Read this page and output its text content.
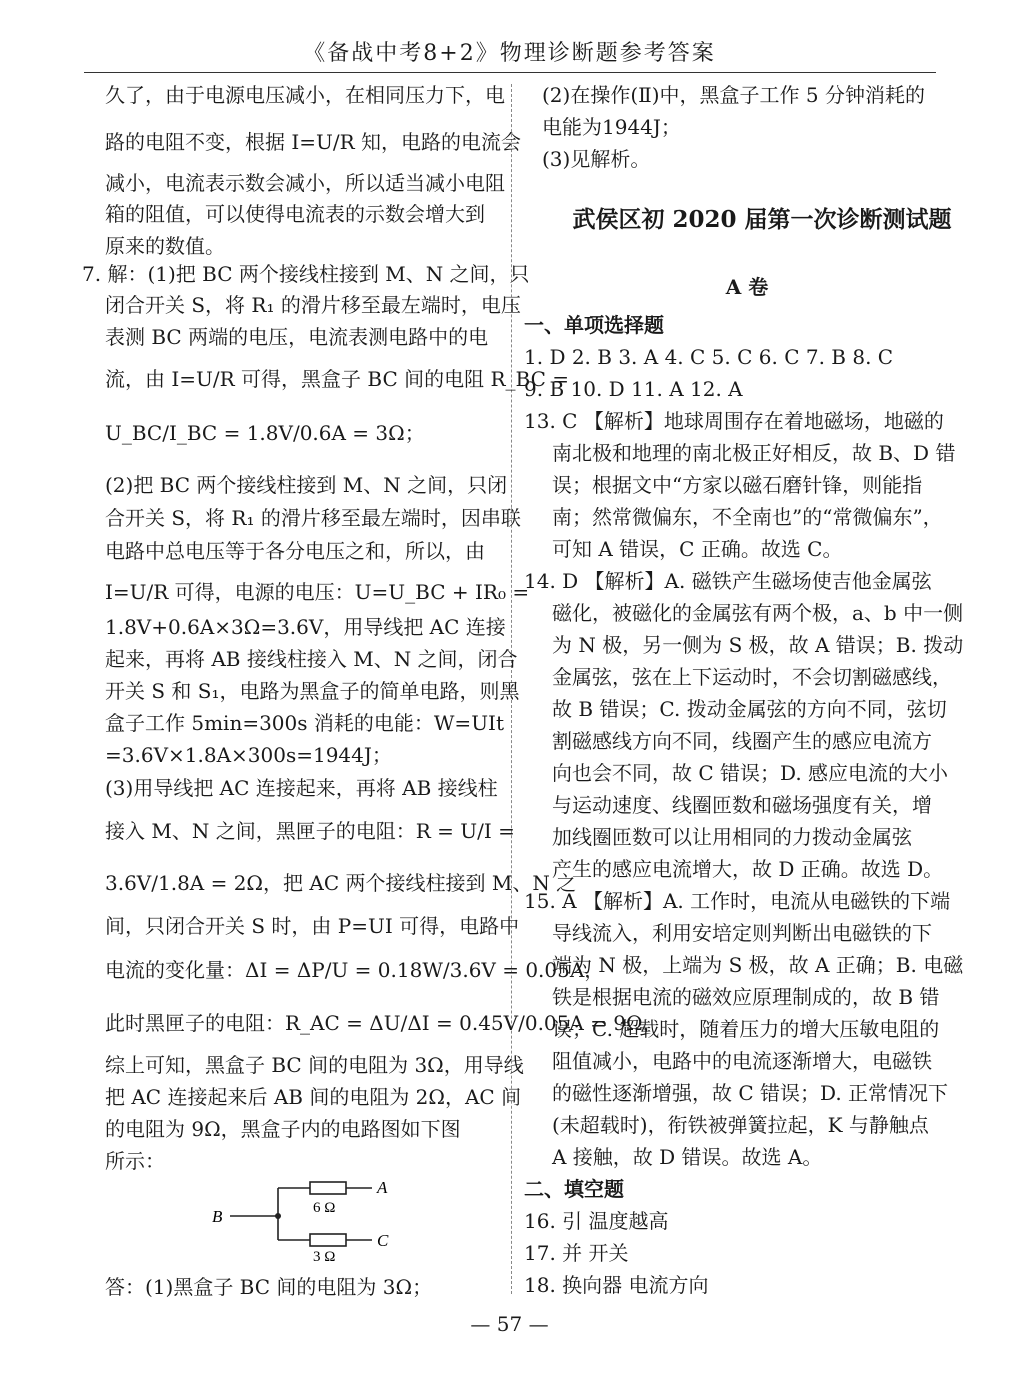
《备战中考8+2》物理诊断题参考答案
久了，由于电源电压减小，在相同压力下，电
路的电阻不变，根据 I=U/R 知，电路的电流会
减小，电流表示数会减小，所以适当减小电阻
箱的阻值，可以使得电流表的示数会增大到
原来的数值。
7. 解：(1)把 BC 两个接线柱接到 M、N 之间，只
闭合开关 S，将 R₁ 的滑片移至最左端时，电压
表测 BC 两端的电压，电流表测电路中的电
流，由 I=U/R 可得，黑盒子 BC 间的电阻 R_BC =
U_BC/I_BC = 1.8V/0.6A = 3Ω；
(2)把 BC 两个接线柱接到 M、N 之间，只闭
合开关 S，将 R₁ 的滑片移至最左端时，因串联
电路中总电压等于各分电压之和，所以，由
I=U/R 可得，电源的电压：U=U_BC + IR₀ =
1.8V+0.6A×3Ω=3.6V，用导线把 AC 连接
起来，再将 AB 接线柱接入 M、N 之间，闭合
开关 S 和 S₁，电路为黑盒子的简单电路，则黑
盒子工作 5min=300s 消耗的电能：W=UIt
=3.6V×1.8A×300s=1944J；
(3)用导线把 AC 连接起来，再将 AB 接线柱
接入 M、N 之间，黑匣子的电阻：R = U/I =
3.6V/1.8A = 2Ω，把 AC 两个接线柱接到 M、N 之
间，只闭合开关 S 时，由 P=UI 可得，电路中
电流的变化量：ΔI = ΔP/U = 0.18W/3.6V = 0.05A，
此时黑匣子的电阻：R_AC = ΔU/ΔI = 0.45V/0.05A = 9Ω，
综上可知，黑盒子 BC 间的电阻为 3Ω，用导线
把 AC 连接起来后 AB 间的电阻为 2Ω，AC 间
的电阻为 9Ω，黑盒子内的电路图如下图
所示：
B
A
C
6 Ω
3 Ω
答：(1)黑盒子 BC 间的电阻为 3Ω；
(2)在操作(Ⅱ)中，黑盒子工作 5 分钟消耗的
电能为1944J；
(3)见解析。
武侯区初 2020 届第一次诊断测试题
A 卷
一、单项选择题
1. D 2. B 3. A 4. C 5. C 6. C 7. B 8. C
9. B 10. D 11. A 12. A
13. C 【解析】地球周围存在着地磁场，地磁的
南北极和地理的南北极正好相反，故 B、D 错
误；根据文中“方家以磁石磨针锋，则能指
南；然常微偏东，不全南也”的“常微偏东”，
可知 A 错误，C 正确。故选 C。
14. D 【解析】A. 磁铁产生磁场使吉他金属弦
磁化，被磁化的金属弦有两个极，a、b 中一侧
为 N 极，另一侧为 S 极，故 A 错误；B. 拨动
金属弦，弦在上下运动时，不会切割磁感线，
故 B 错误；C. 拨动金属弦的方向不同，弦切
割磁感线方向不同，线圈产生的感应电流方
向也会不同，故 C 错误；D. 感应电流的大小
与运动速度、线圈匝数和磁场强度有关，增
加线圈匝数可以让用相同的力拨动金属弦
产生的感应电流增大，故 D 正确。故选 D。
15. A 【解析】A. 工作时，电流从电磁铁的下端
导线流入，利用安培定则判断出电磁铁的下
端为 N 极，上端为 S 极，故 A 正确；B. 电磁
铁是根据电流的磁效应原理制成的，故 B 错
误；C. 超载时，随着压力的增大压敏电阻的
阻值减小，电路中的电流逐渐增大，电磁铁
的磁性逐渐增强，故 C 错误；D. 正常情况下
(未超载时)，衔铁被弹簧拉起，K 与静触点
A 接触，故 D 错误。故选 A。
二、填空题
16. 引 温度越高
17. 并 开关
18. 换向器 电流方向
— 57 —
